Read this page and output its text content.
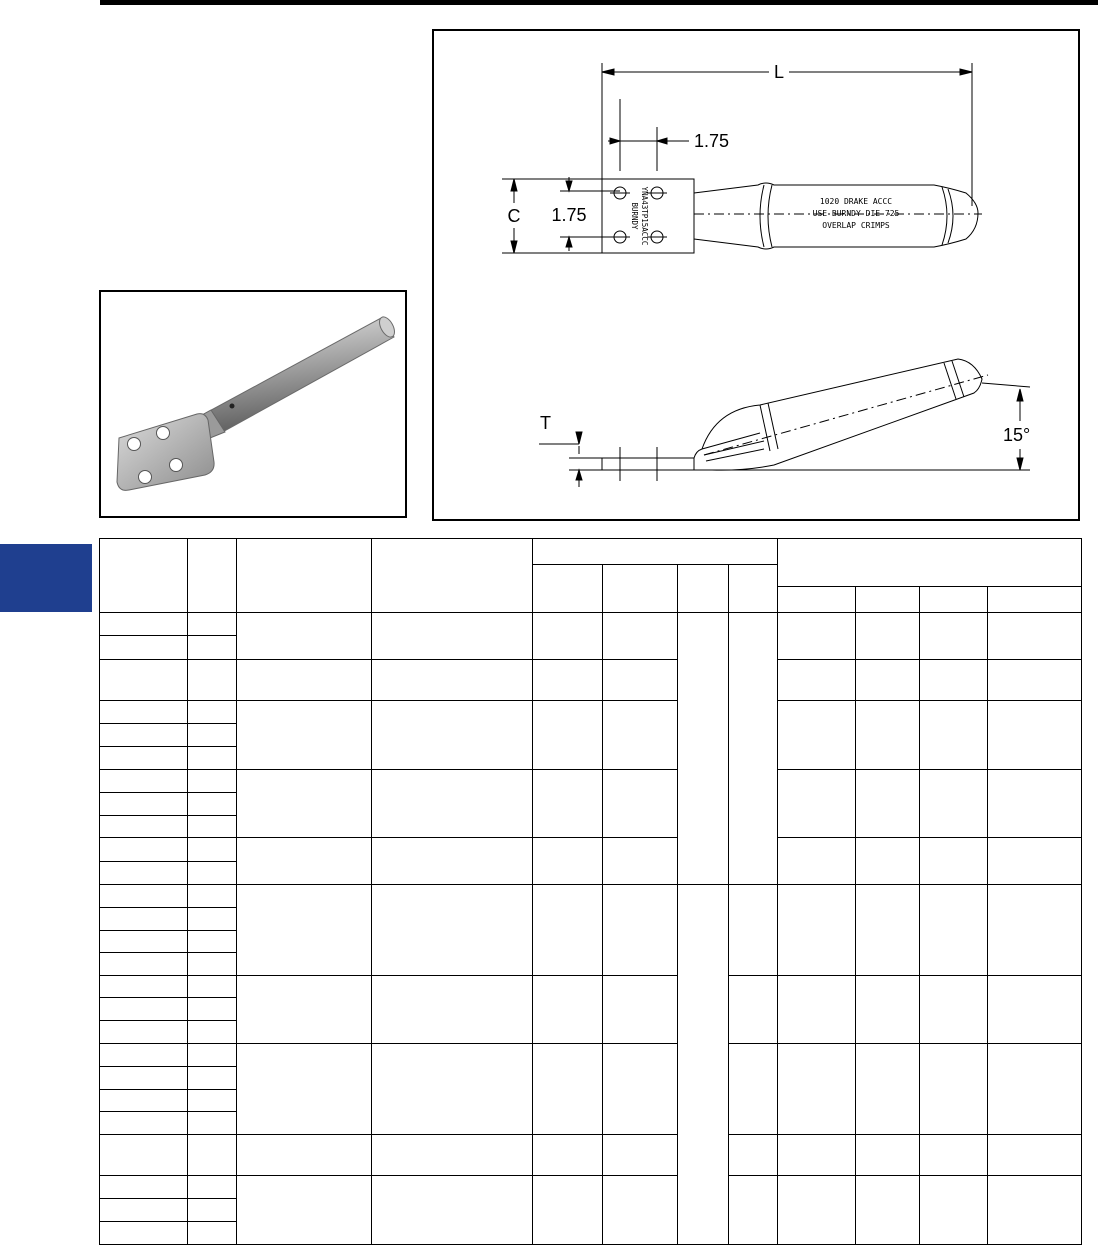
L
1.75
C 1.75	BURNDY YNA43TP15ACCC	1020 DRAKE ACCC
USE BURNDY DIE 725
OVERLAP CRIMPS
T
15°
